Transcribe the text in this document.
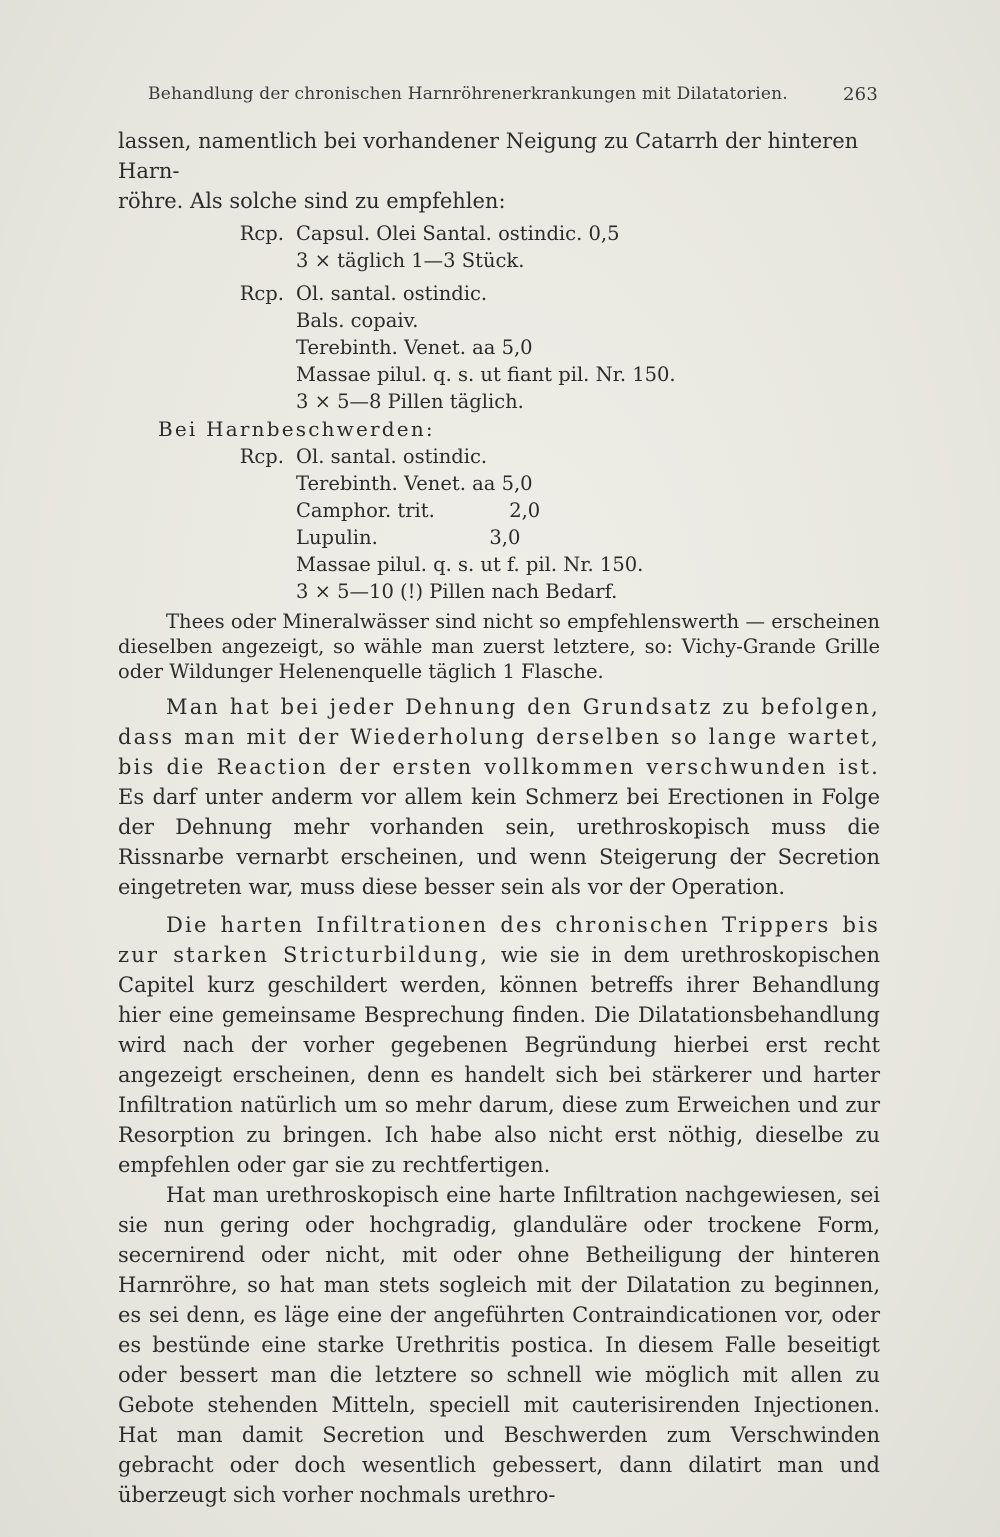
Behandlung der chronischen Harnröhrenerkrankungen mit Dilatatorien.	263

lassen, namentlich bei vorhandener Neigung zu Catarrh der hinteren Harn-

röhre. Als solche sind zu empfehlen:

Rcp. Capsul. Olei Santal. ostindic. 0,5
3 × täglich 1—3 Stück.
Rcp. Ol. santal. ostindic.
Bals. copaiv.
Terebinth. Venet. aa 5,0
Massae pilul. q. s. ut fiant pil. Nr. 150.
3 × 5—8 Pillen täglich.
Bei Harnbeschwerden:
Rcp. Ol. santal. ostindic.
Terebinth. Venet. aa 5,0
Camphor. trit.            2,0
Lupulin.                  3,0
Massae pilul. q. s. ut f. pil. Nr. 150.
3 × 5—10 (!) Pillen nach Bedarf.

Thees oder Mineralwässer sind nicht so empfehlenswerth — erscheinen dieselben angezeigt, so wähle man zuerst letztere, so: Vichy-Grande Grille oder Wildunger Helenenquelle täglich 1 Flasche.

Man hat bei jeder Dehnung den Grundsatz zu befolgen, dass man mit der Wiederholung derselben so lange wartet, bis die Reaction der ersten vollkommen verschwunden ist. Es darf unter anderm vor allem kein Schmerz bei Erectionen in Folge der Dehnung mehr vorhanden sein, urethroskopisch muss die Rissnarbe vernarbt erscheinen, und wenn Steigerung der Secretion eingetreten war, muss diese besser sein als vor der Operation.

Die harten Infiltrationen des chronischen Trippers bis zur starken Stricturbildung, wie sie in dem urethroskopischen Capitel kurz geschildert werden, können betreffs ihrer Behandlung hier eine gemeinsame Besprechung finden. Die Dilatationsbehandlung wird nach der vorher gegebenen Begründung hierbei erst recht angezeigt erscheinen, denn es handelt sich bei stärkerer und harter Infiltration natürlich um so mehr darum, diese zum Erweichen und zur Resorption zu bringen. Ich habe also nicht erst nöthig, dieselbe zu empfehlen oder gar sie zu rechtfertigen.

Hat man urethroskopisch eine harte Infiltration nachgewiesen, sei sie nun gering oder hochgradig, glanduläre oder trockene Form, secernirend oder nicht, mit oder ohne Betheiligung der hinteren Harnröhre, so hat man stets sogleich mit der Dilatation zu beginnen, es sei denn, es läge eine der angeführten Contraindicationen vor, oder es bestünde eine starke Urethritis postica. In diesem Falle beseitigt oder bessert man die letztere so schnell wie möglich mit allen zu Gebote stehenden Mitteln, speciell mit cauterisirenden Injectionen. Hat man damit Secretion und Beschwerden zum Verschwinden gebracht oder doch wesentlich gebessert, dann dilatirt man und überzeugt sich vorher nochmals urethro-
